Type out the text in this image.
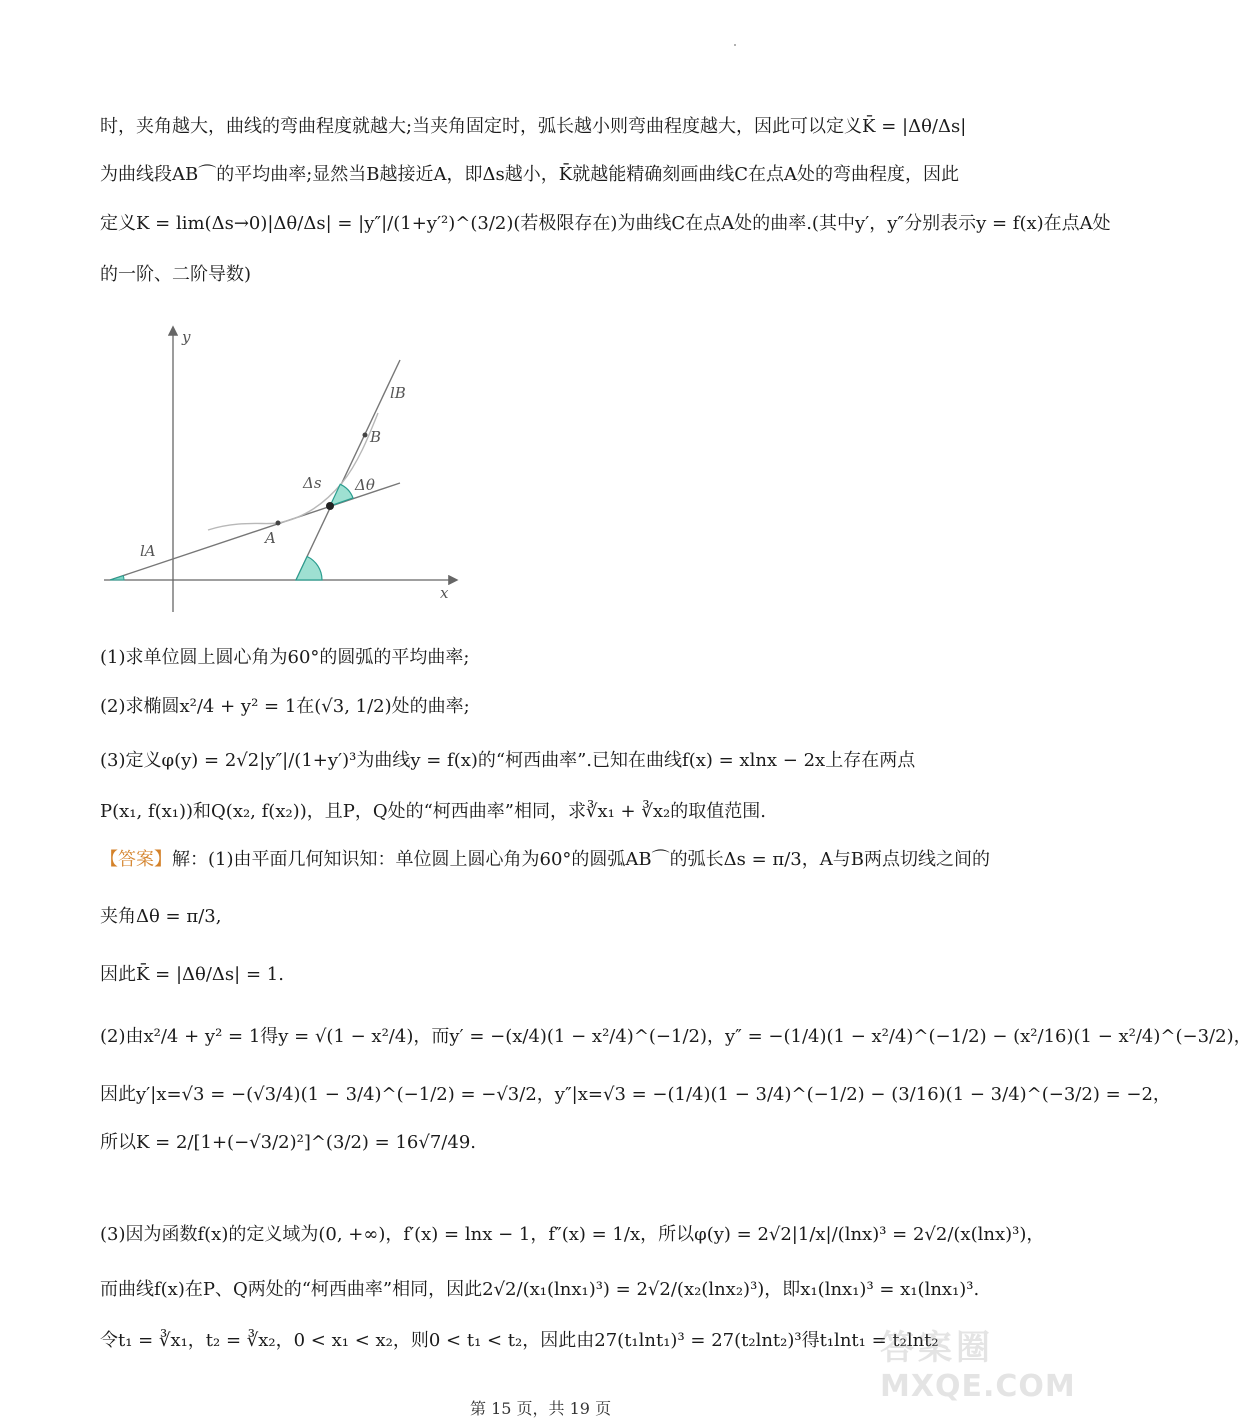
时，夹角越大，曲线的弯曲程度就越大;当夹角固定时，弧长越小则弯曲程度越大，因此可以定义K̄ = |Δθ/Δs|
为曲线段AB⌒的平均曲率;显然当B越接近A，即Δs越小，K̄就越能精确刻画曲线C在点A处的弯曲程度，因此
定义K = lim(Δs→0)|Δθ/Δs| = |y″|/(1+y′²)^(3/2)(若极限存在)为曲线C在点A处的曲率.(其中y′，y″分别表示y = f(x)在点A处
的一阶、二阶导数)
y
x
lA
lB
B
A
Δs Δθ
(1)求单位圆上圆心角为60°的圆弧的平均曲率;
(2)求椭圆x²/4 + y² = 1在(√3, 1/2)处的曲率;
(3)定义φ(y) = 2√2|y″|/(1+y′)³为曲线y = f(x)的“柯西曲率”.已知在曲线f(x) = xlnx − 2x上存在两点
P(x₁, f(x₁))和Q(x₂, f(x₂))，且P，Q处的“柯西曲率”相同，求∛x₁ + ∛x₂的取值范围.
【答案】解：(1)由平面几何知识知：单位圆上圆心角为60°的圆弧AB⌒的弧长Δs = π/3，A与B两点切线之间的
夹角Δθ = π/3,
因此K̄ = |Δθ/Δs| = 1.
(2)由x²/4 + y² = 1得y = √(1 − x²/4)，而y′ = −(x/4)(1 − x²/4)^(−1/2)，y″ = −(1/4)(1 − x²/4)^(−1/2) − (x²/16)(1 − x²/4)^(−3/2)，
因此y′|x=√3 = −(√3/4)(1 − 3/4)^(−1/2) = −√3/2，y″|x=√3 = −(1/4)(1 − 3/4)^(−1/2) − (3/16)(1 − 3/4)^(−3/2) = −2，
所以K = 2/[1+(−√3/2)²]^(3/2) = 16√7/49.
(3)因为函数f(x)的定义域为(0, +∞)，f′(x) = lnx − 1，f″(x) = 1/x，所以φ(y) = 2√2|1/x|/(lnx)³ = 2√2/(x(lnx)³)，
而曲线f(x)在P、Q两处的“柯西曲率”相同，因此2√2/(x₁(lnx₁)³) = 2√2/(x₂(lnx₂)³)，即x₁(lnx₁)³ = x₁(lnx₁)³.
令t₁ = ∛x₁，t₂ = ∛x₂，0 < x₁ < x₂，则0 < t₁ < t₂，因此由27(t₁lnt₁)³ = 27(t₂lnt₂)³得t₁lnt₁ = t₂lnt₂
答案圈
MXQE.COM
第 15 页，共 19 页
